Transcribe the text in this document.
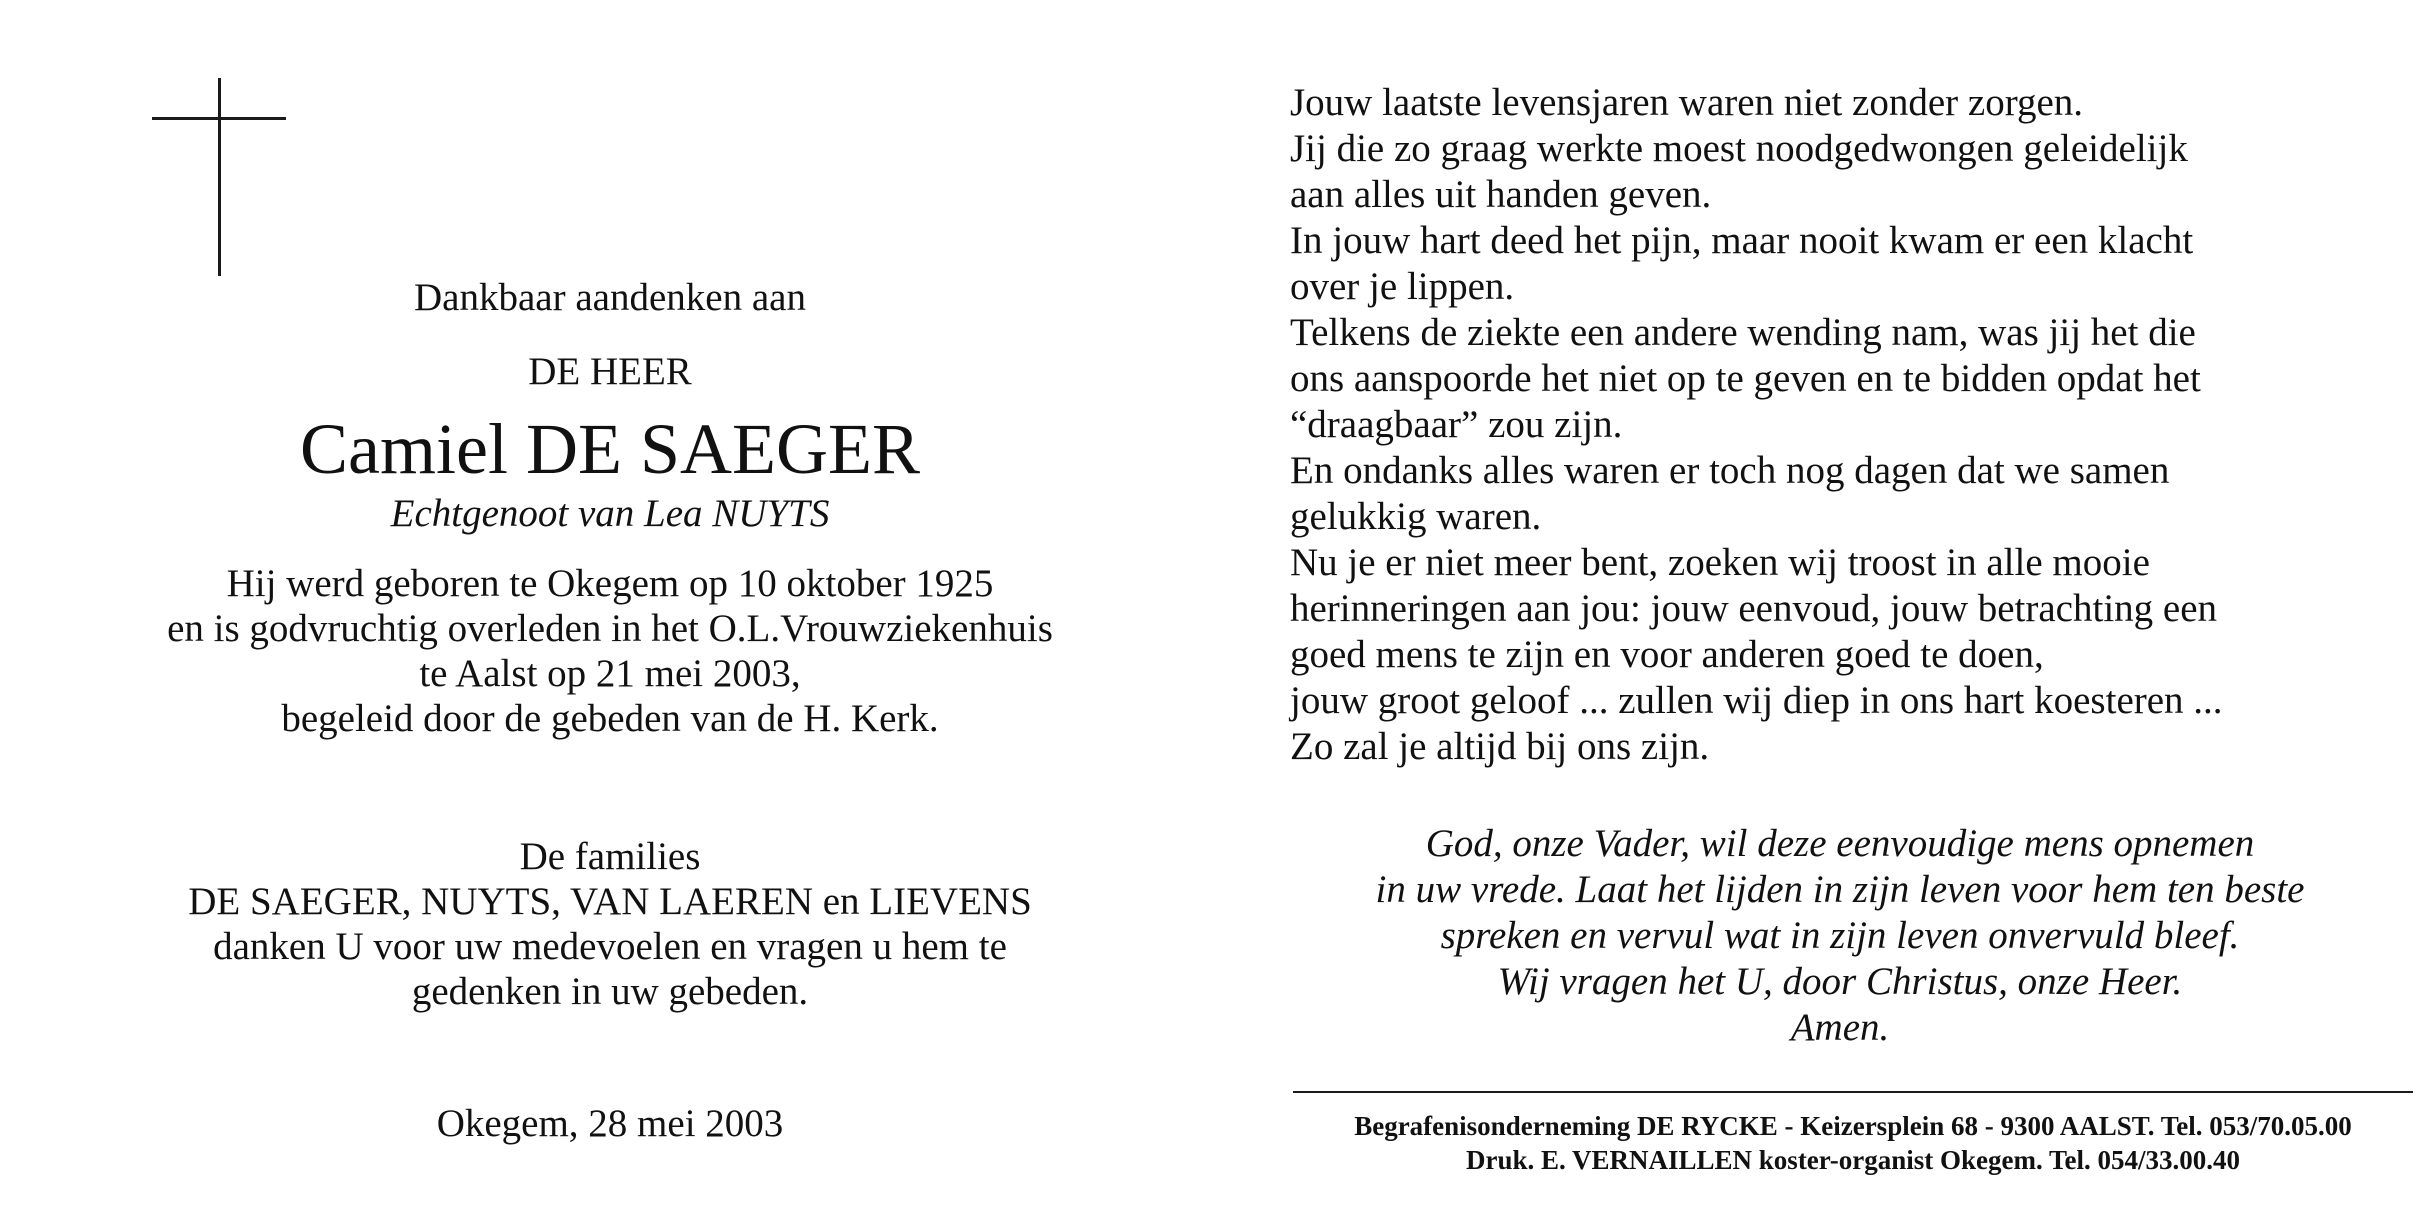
Dankbaar aandenken aan
DE HEER
Camiel DE SAEGER
Echtgenoot van Lea NUYTS
Hij werd geboren te Okegem op 10 oktober 1925
en is godvruchtig overleden in het O.L.Vrouwziekenhuis
te Aalst op 21 mei 2003,
begeleid door de gebeden van de H. Kerk.
De families
DE SAEGER, NUYTS, VAN LAEREN en LIEVENS
danken U voor uw medevoelen en vragen u hem te
gedenken in uw gebeden.
Okegem, 28 mei 2003
Jouw laatste levensjaren waren niet zonder zorgen.
Jij die zo graag werkte moest noodgedwongen geleidelijk
aan alles uit handen geven.
In jouw hart deed het pijn, maar nooit kwam er een klacht
over je lippen.
Telkens de ziekte een andere wending nam, was jij het die
ons aanspoorde het niet op te geven en te bidden opdat het
“draagbaar” zou zijn.
En ondanks alles waren er toch nog dagen dat we samen
gelukkig waren.
Nu je er niet meer bent, zoeken wij troost in alle mooie
herinneringen aan jou: jouw eenvoud, jouw betrachting een
goed mens te zijn en voor anderen goed te doen,
jouw groot geloof ... zullen wij diep in ons hart koesteren ...
Zo zal je altijd bij ons zijn.
God, onze Vader, wil deze eenvoudige mens opnemen
in uw vrede. Laat het lijden in zijn leven voor hem ten beste
spreken en vervul wat in zijn leven onvervuld bleef.
Wij vragen het U, door Christus, onze Heer.
Amen.
Begrafenisonderneming DE RYCKE - Keizersplein 68 - 9300 AALST. Tel. 053/70.05.00
Druk. E. VERNAILLEN koster-organist Okegem. Tel. 054/33.00.40
